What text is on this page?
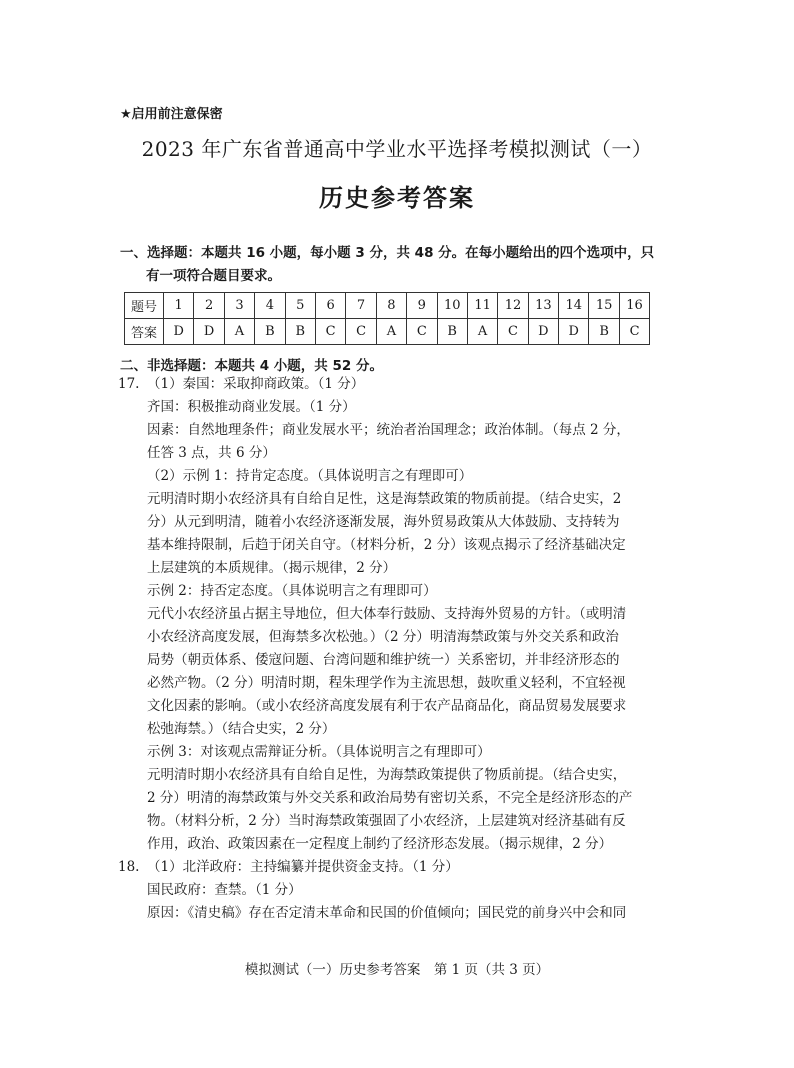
★启用前注意保密
2023 年广东省普通高中学业水平选择考模拟测试（一）
历史参考答案
一、选择题：本题共 16 小题，每小题 3 分，共 48 分。在每小题给出的四个选项中，只
有一项符合题目要求。
题号	1	2	3	4	5	6	7	8	9	10	11	12	13	14	15	16
答案	D	D	A	B	B	C	C	A	C	B	A	C	D	D	B	C
二、非选择题：本题共 4 小题，共 52 分。
17. （1）秦国：采取抑商政策。（1 分）
齐国：积极推动商业发展。（1 分）
因素：自然地理条件；商业发展水平；统治者治国理念；政治体制。（每点 2 分，
任答 3 点，共 6 分）
（2）示例 1：持肯定态度。（具体说明言之有理即可）
元明清时期小农经济具有自给自足性，这是海禁政策的物质前提。（结合史实，2
分）从元到明清，随着小农经济逐渐发展，海外贸易政策从大体鼓励、支持转为
基本维持限制，后趋于闭关自守。（材料分析，2 分）该观点揭示了经济基础决定
上层建筑的本质规律。（揭示规律，2 分）
示例 2：持否定态度。（具体说明言之有理即可）
元代小农经济虽占据主导地位，但大体奉行鼓励、支持海外贸易的方针。（或明清
小农经济高度发展，但海禁多次松弛。）（2 分）明清海禁政策与外交关系和政治
局势（朝贡体系、倭寇问题、台湾问题和维护统一）关系密切，并非经济形态的
必然产物。（2 分）明清时期，程朱理学作为主流思想，鼓吹重义轻利，不宜轻视
文化因素的影响。（或小农经济高度发展有利于农产品商品化，商品贸易发展要求
松弛海禁。）（结合史实，2 分）
示例 3：对该观点需辩证分析。（具体说明言之有理即可）
元明清时期小农经济具有自给自足性，为海禁政策提供了物质前提。（结合史实，
2 分）明清的海禁政策与外交关系和政治局势有密切关系，不完全是经济形态的产
物。（材料分析，2 分）当时海禁政策强固了小农经济，上层建筑对经济基础有反
作用，政治、政策因素在一定程度上制约了经济形态发展。（揭示规律，2 分）
18. （1）北洋政府：主持编纂并提供资金支持。（1 分）
国民政府：查禁。（1 分）
原因：《清史稿》存在否定清末革命和民国的价值倾向；国民党的前身兴中会和同
模拟测试（一）历史参考答案　第 1 页（共 3 页）
